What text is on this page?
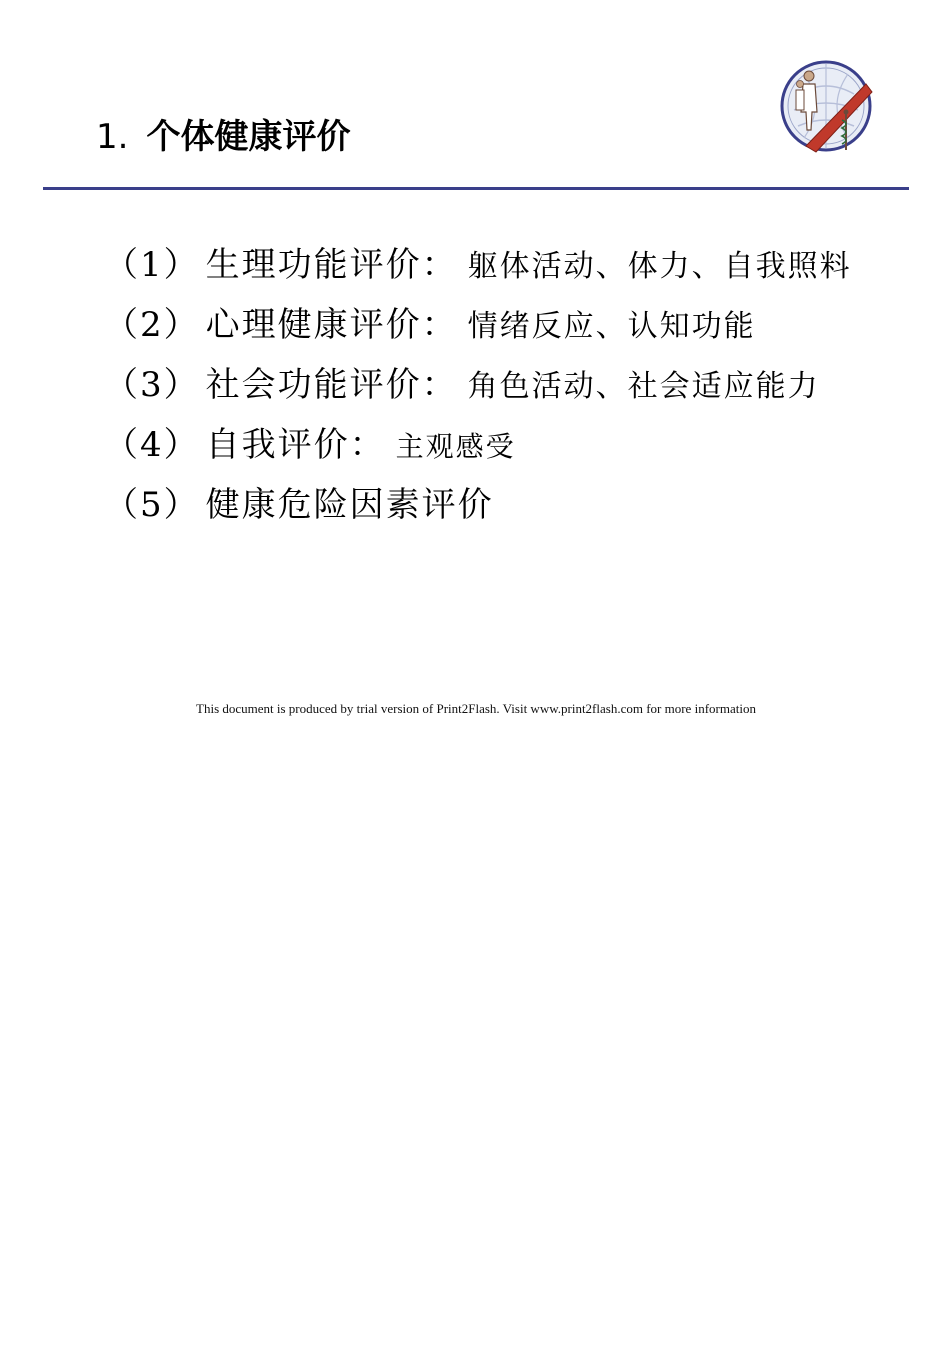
1. 个体健康评价
（1） 生理功能评价： 躯体活动、体力、自我照料
（2） 心理健康评价： 情绪反应、认知功能
（3） 社会功能评价： 角色活动、社会适应能力
（4） 自我评价： 主观感受
（5） 健康危险因素评价
This document is produced by trial version of Print2Flash. Visit www.print2flash.com for more information
